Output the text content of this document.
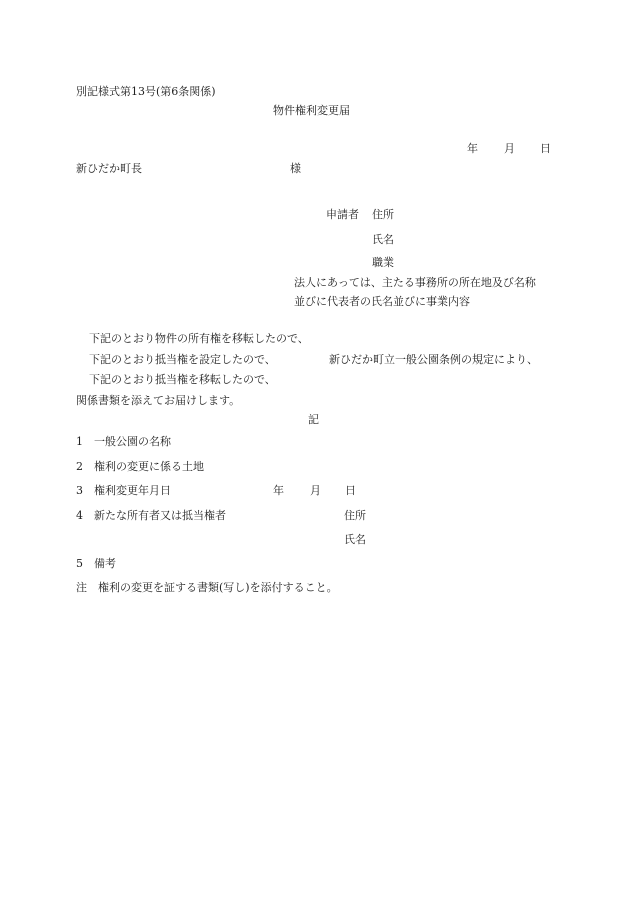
別記様式第13号(第6条関係)
物件権利変更届
年 月 日
新ひだか町長	様
申請者 住所
氏名
職業
法人にあっては、主たる事務所の所在地及び名称
並びに代表者の氏名並びに事業内容
下記のとおり物件の所有権を移転したので、
下記のとおり抵当権を設定したので、	新ひだか町立一般公園条例の規定により、
下記のとおり抵当権を移転したので、
関係書類を添えてお届けします。
記
1　一般公園の名称
2　権利の変更に係る土地
3　権利変更年月日	年 月 日
4　新たな所有者又は抵当権者	住所
氏名
5　備考
注　権利の変更を証する書類(写し)を添付すること。
